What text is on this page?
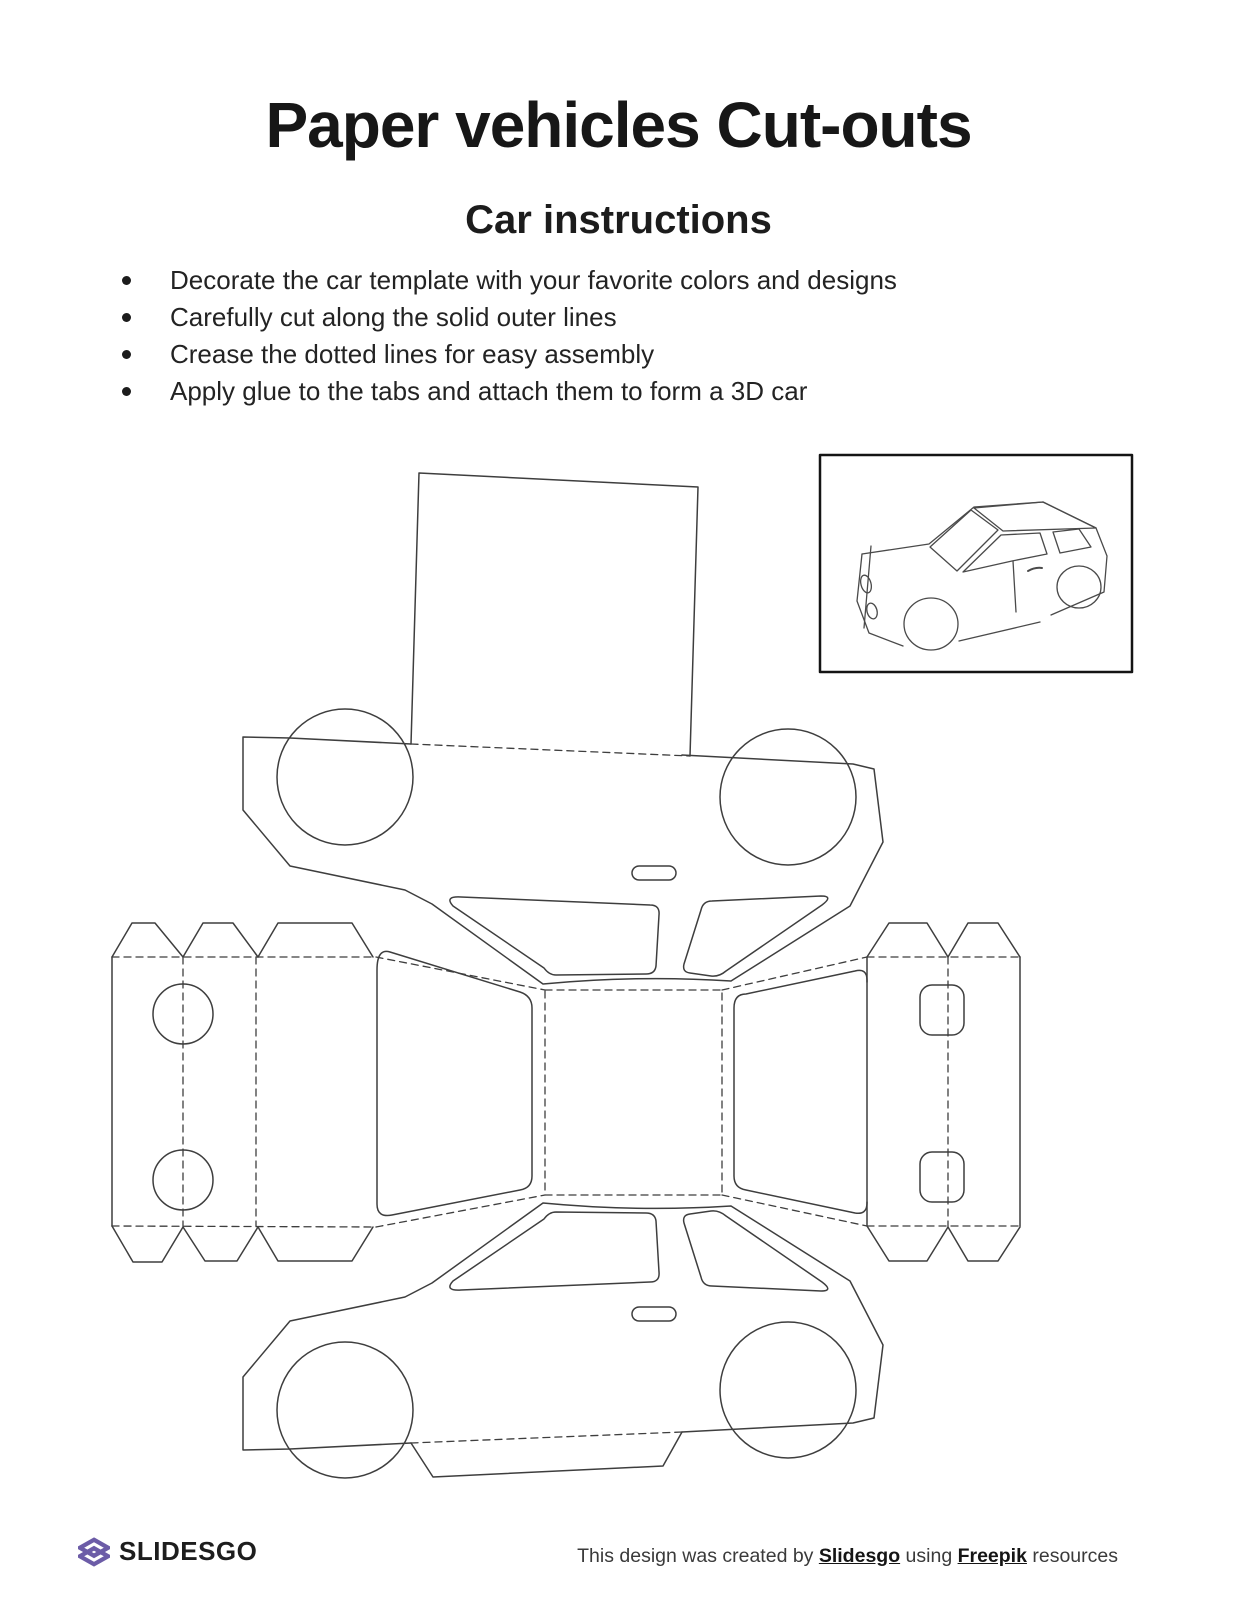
Paper vehicles Cut-outs
Car instructions
Decorate the car template with your favorite colors and designs
Carefully cut along the solid outer lines
Crease the dotted lines for easy assembly
Apply glue to the tabs and attach them to form a 3D car
SLIDESGO	This design was created by Slidesgo using Freepik resources
